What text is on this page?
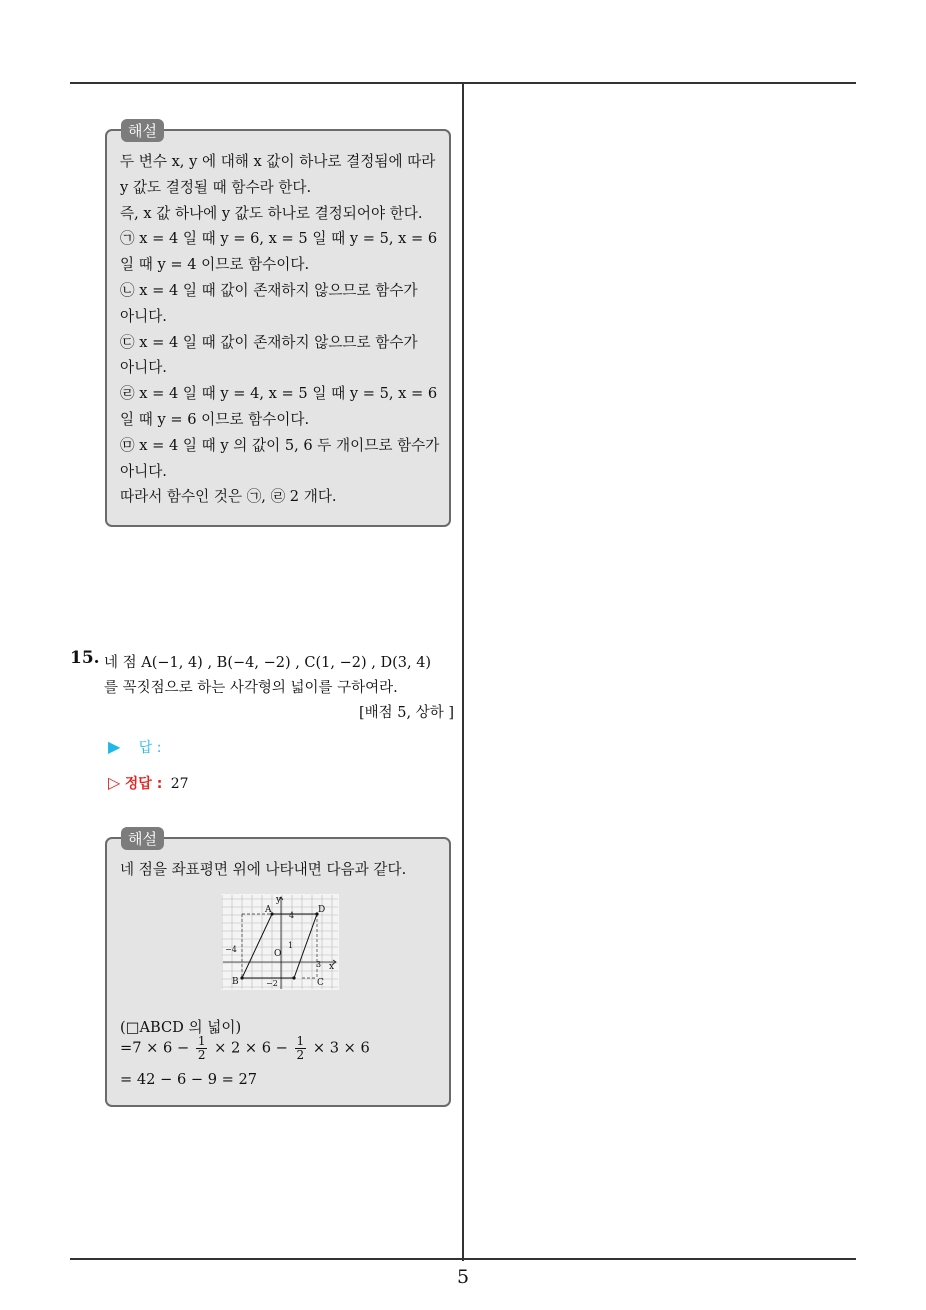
해설
두 변수 x, y 에 대해 x 값이 하나로 결정됨에 따라
y 값도 결정될 때 함수라 한다.
즉, x 값 하나에 y 값도 하나로 결정되어야 한다.
㉠ x = 4 일 때 y = 6, x = 5 일 때 y = 5, x = 6
일 때 y = 4 이므로 함수이다.
㉡ x = 4 일 때 값이 존재하지 않으므로 함수가
아니다.
㉢ x = 4 일 때 값이 존재하지 않으므로 함수가
아니다.
㉣ x = 4 일 때 y = 4, x = 5 일 때 y = 5, x = 6
일 때 y = 6 이므로 함수이다.
㉤ x = 4 일 때 y 의 값이 5, 6 두 개이므로 함수가
아니다.
따라서 함수인 것은 ㉠, ㉣ 2 개다.
15. 네 점 A(−1, 4) , B(−4, −2) , C(1, −2) , D(3, 4)
를 꼭짓점으로 하는 사각형의 넓이를 구하여라.
[배점 5, 상하 ]
▶ 답 :
▷ 정답 : 27
해설
네 점을 좌표평면 위에 나타내면 다음과 같다.
y
x
O
A	D
B	C
4
−4
−2
1
3
(□ABCD 의 넓이)
$=7 \times 6 - \frac{1}{2} \times 2 \times 6 - \frac{1}{2} \times 3 \times 6$
= 42 − 6 − 9 = 27
5
